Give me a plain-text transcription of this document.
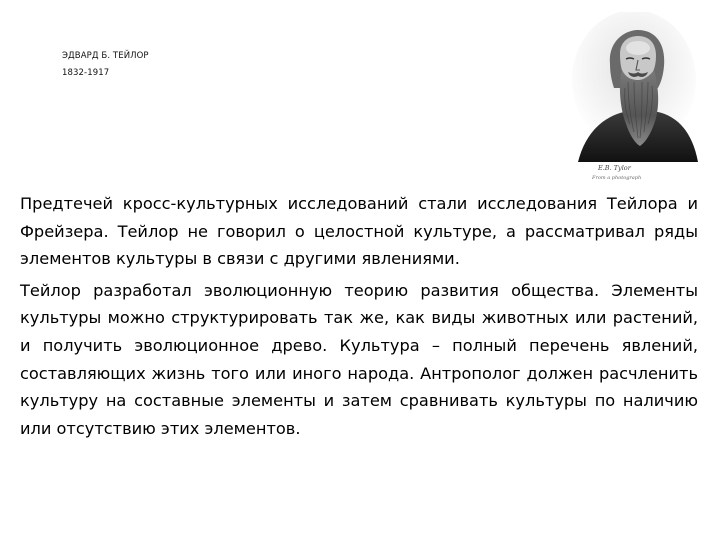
ЭДВАРД Б. ТЕЙЛОР
1832-1917
E.B. Tylor
From a photograph

Предтечей кросс-культурных исследований стали исследования Тейлора и Фрейзера. Тейлор не говорил о целостной культуре, а рассматривал ряды элементов культуры в связи с другими явлениями.

Тейлор разработал эволюционную теорию развития общества. Элементы культуры можно структурировать так же, как виды животных или растений, и получить эволюционное древо. Культура – полный перечень явлений, составляющих жизнь того или иного народа. Антрополог должен расчленить культуру на составные элементы и затем сравнивать культуры по наличию или отсутствию этих элементов.
